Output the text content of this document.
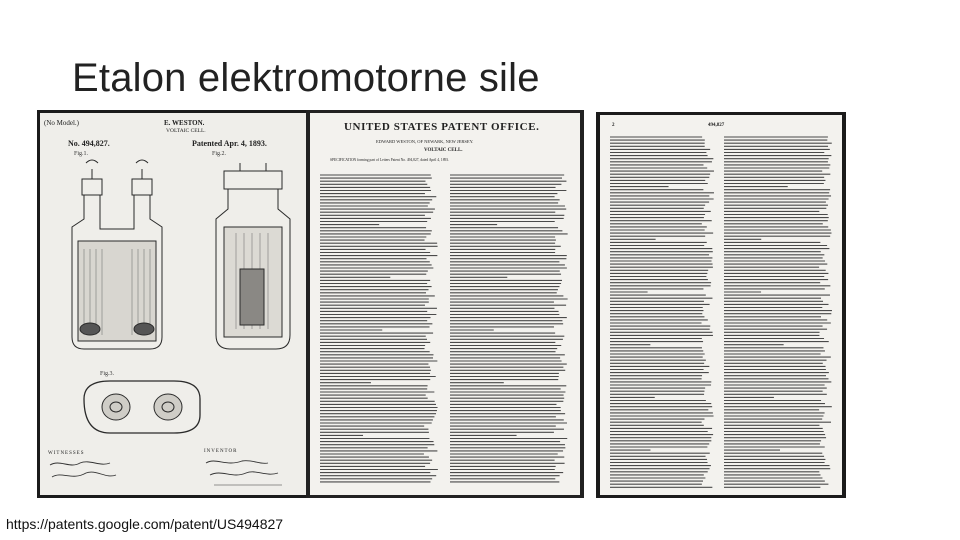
Etalon elektromotorne sile
(No Model.)	E. WESTON.
VOLTAIC CELL.
No. 494,827.	Patented Apr. 4, 1893.
Fig.1.	Fig.2.
Fig.3.
WITNESSES	INVENTOR
UNITED STATES PATENT OFFICE.
EDWARD WESTON, OF NEWARK, NEW JERSEY.
VOLTAIC CELL.
SPECIFICATION forming part of Letters Patent No. 494,827, dated April 4, 1893.
2	494,827
https://patents.google.com/patent/US494827
